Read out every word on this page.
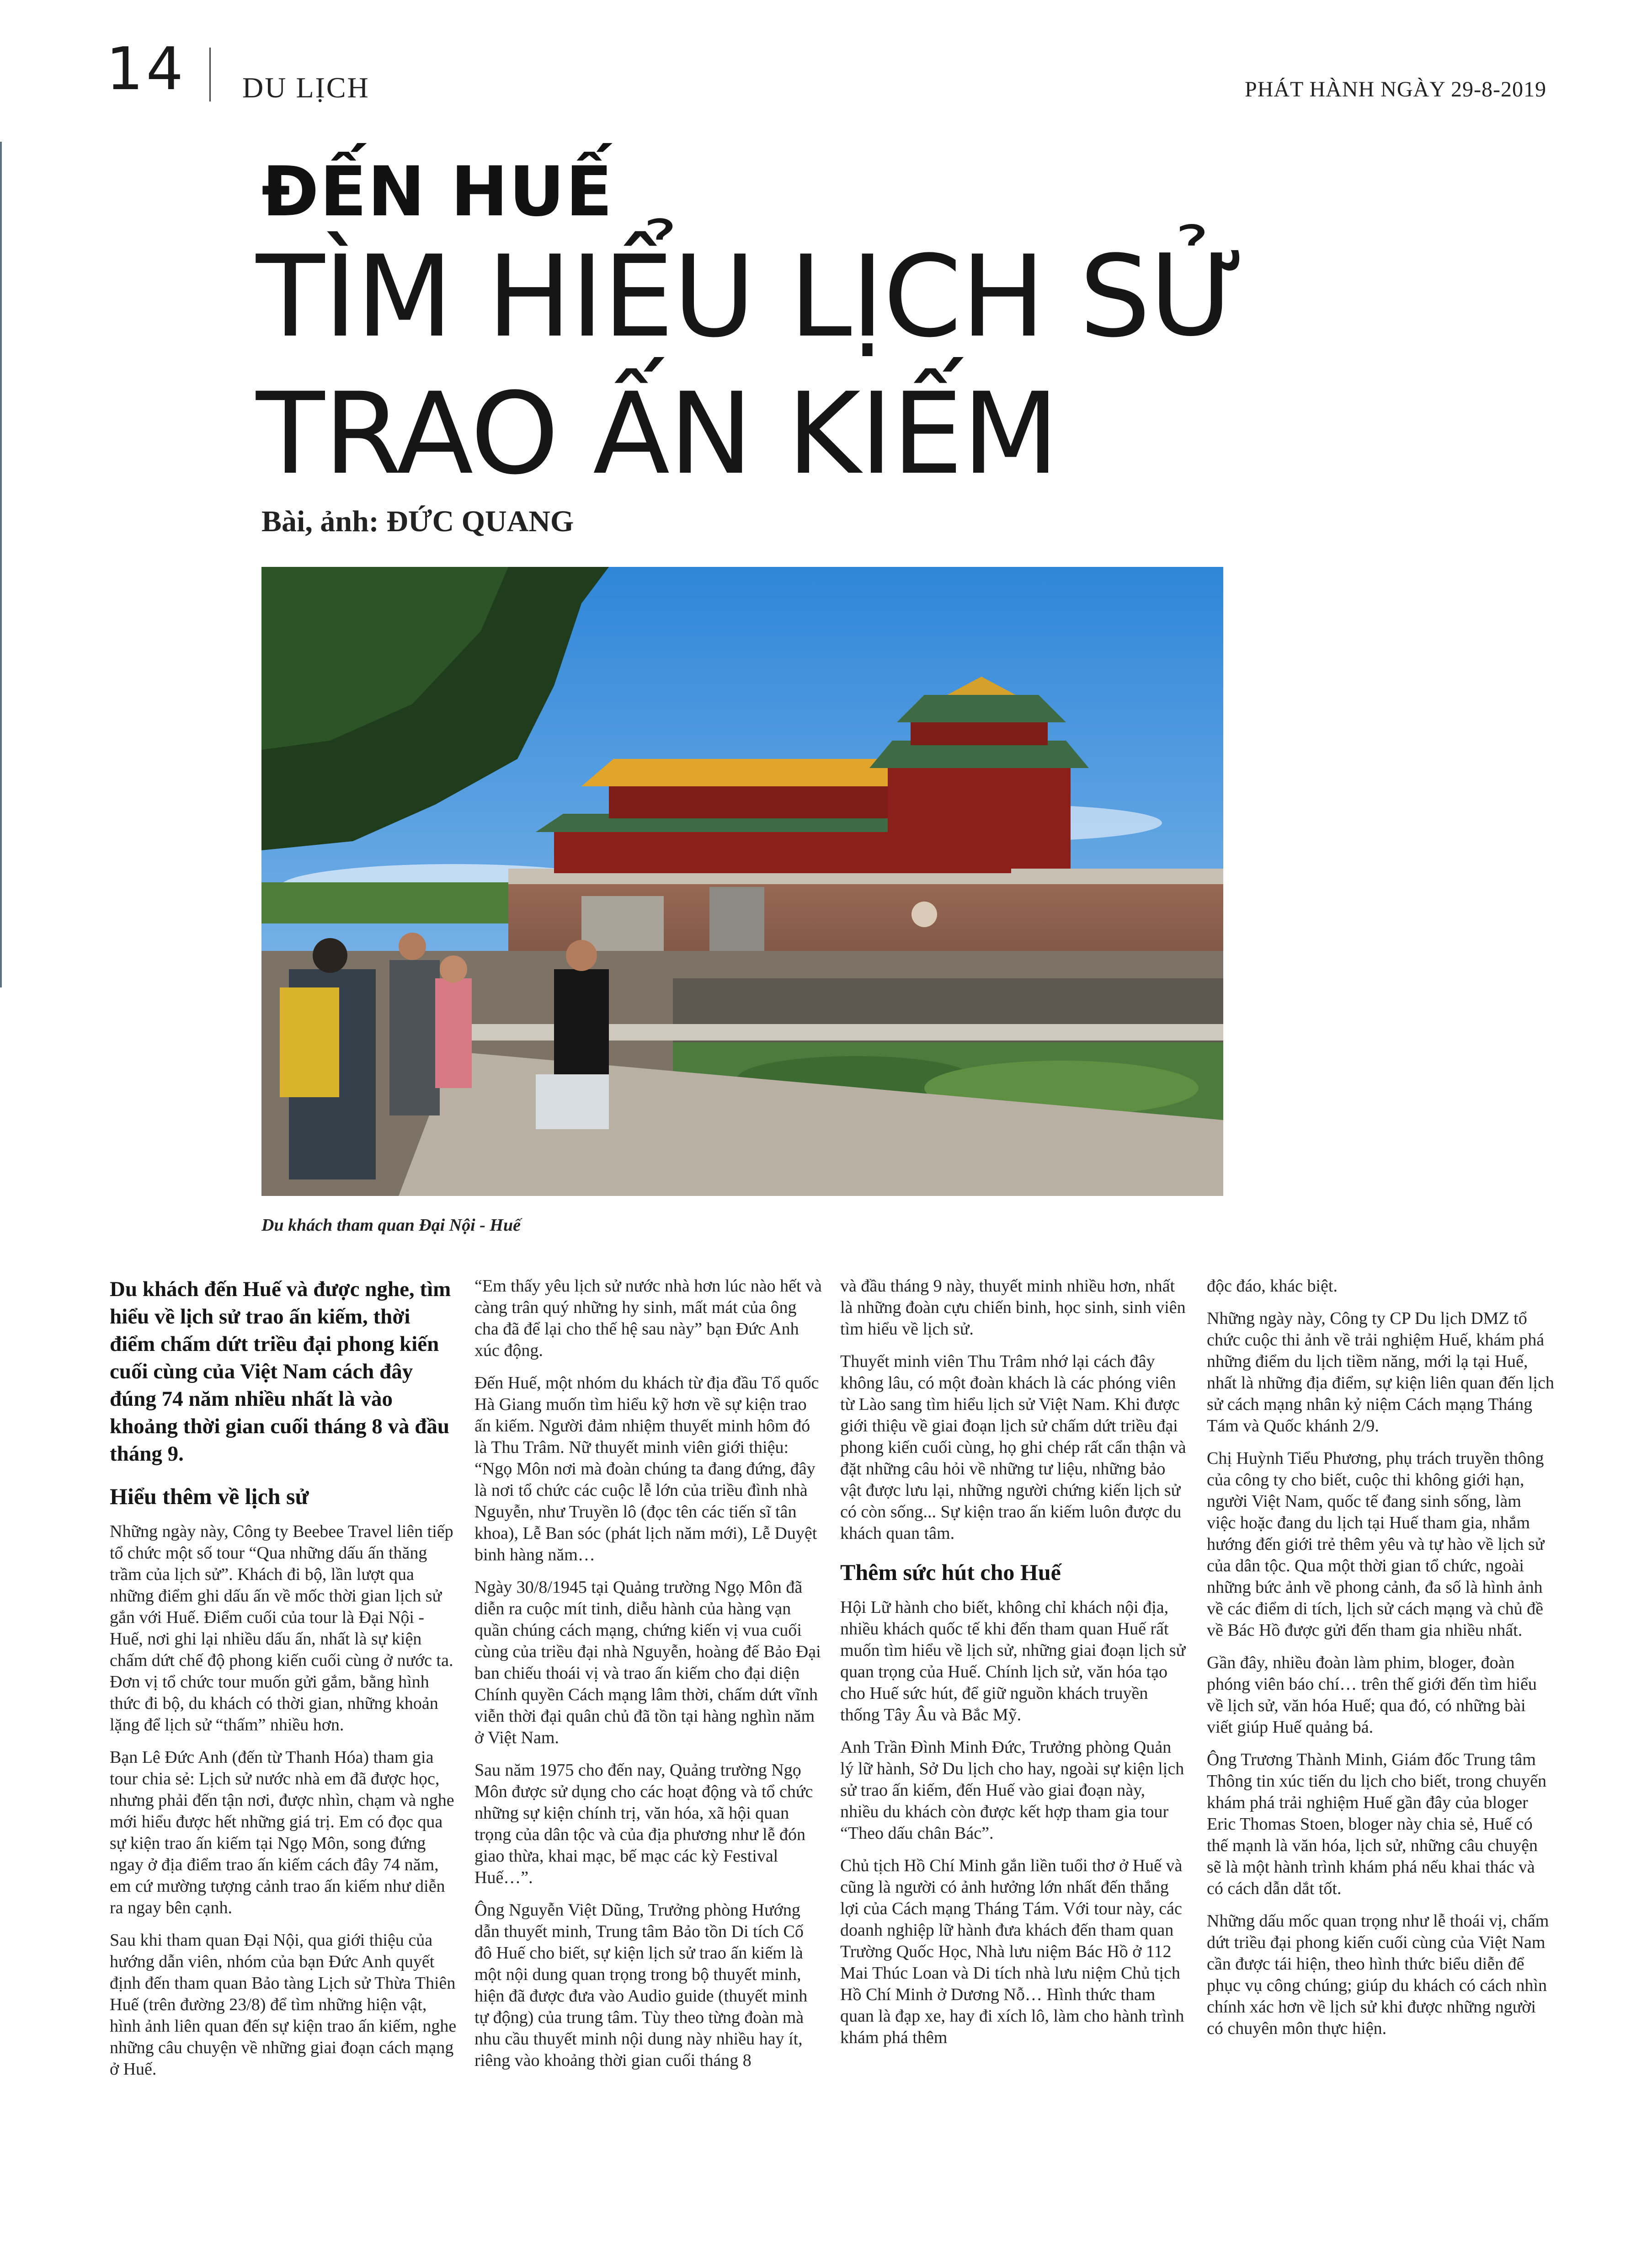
14 DU LỊCH	PHÁT HÀNH NGÀY 29-8-2019
ĐẾN HUẾ
TÌM HIỂU LỊCH SỬ
TRAO ẤN KIẾM
Bài, ảnh: ĐỨC QUANG
Du khách tham quan Đại Nội - Huế

Du khách đến Huế và được nghe, tìm hiểu về lịch sử trao ấn kiếm, thời điểm chấm dứt triều đại phong kiến cuối cùng của Việt Nam cách đây đúng 74 năm nhiều nhất là vào khoảng thời gian cuối tháng 8 và đầu tháng 9.

Hiểu thêm về lịch sử

Những ngày này, Công ty Beebee Travel liên tiếp tổ chức một số tour “Qua những dấu ấn thăng trầm của lịch sử”. Khách đi bộ, lần lượt qua những điểm ghi dấu ấn về mốc thời gian lịch sử gắn với Huế. Điểm cuối của tour là Đại Nội - Huế, nơi ghi lại nhiều dấu ấn, nhất là sự kiện chấm dứt chế độ phong kiến cuối cùng ở nước ta. Đơn vị tổ chức tour muốn gửi gắm, bằng hình thức đi bộ, du khách có thời gian, những khoản lặng để lịch sử “thấm” nhiều hơn.

Bạn Lê Đức Anh (đến từ Thanh Hóa) tham gia tour chia sẻ: Lịch sử nước nhà em đã được học, nhưng phải đến tận nơi, được nhìn, chạm và nghe mới hiểu được hết những giá trị. Em có đọc qua sự kiện trao ấn kiếm tại Ngọ Môn, song đứng ngay ở địa điểm trao ấn kiếm cách đây 74 năm, em cứ mường tượng cảnh trao ấn kiếm như diễn ra ngay bên cạnh.

Sau khi tham quan Đại Nội, qua giới thiệu của hướng dẫn viên, nhóm của bạn Đức Anh quyết định đến tham quan Bảo tàng Lịch sử Thừa Thiên Huế (trên đường 23/8) để tìm những hiện vật, hình ảnh liên quan đến sự kiện trao ấn kiếm, nghe những câu chuyện về những giai đoạn cách mạng ở Huế.

“Em thấy yêu lịch sử nước nhà hơn lúc nào hết và càng trân quý những hy sinh, mất mát của ông cha đã để lại cho thế hệ sau này” bạn Đức Anh xúc động.

Đến Huế, một nhóm du khách từ địa đầu Tổ quốc Hà Giang muốn tìm hiểu kỹ hơn về sự kiện trao ấn kiếm. Người đảm nhiệm thuyết minh hôm đó là Thu Trâm. Nữ thuyết minh viên giới thiệu: “Ngọ Môn nơi mà đoàn chúng ta đang đứng, đây là nơi tổ chức các cuộc lễ lớn của triều đình nhà Nguyễn, như Truyền lô (đọc tên các tiến sĩ tân khoa), Lễ Ban sóc (phát lịch năm mới), Lễ Duyệt binh hàng năm…

Ngày 30/8/1945 tại Quảng trường Ngọ Môn đã diễn ra cuộc mít tinh, diễu hành của hàng vạn quần chúng cách mạng, chứng kiến vị vua cuối cùng của triều đại nhà Nguyễn, hoàng đế Bảo Đại ban chiếu thoái vị và trao ấn kiếm cho đại diện Chính quyền Cách mạng lâm thời, chấm dứt vĩnh viễn thời đại quân chủ đã tồn tại hàng nghìn năm ở Việt Nam.

Sau năm 1975 cho đến nay, Quảng trường Ngọ Môn được sử dụng cho các hoạt động và tổ chức những sự kiện chính trị, văn hóa, xã hội quan trọng của dân tộc và của địa phương như lễ đón giao thừa, khai mạc, bế mạc các kỳ Festival Huế…”.

Ông Nguyễn Việt Dũng, Trưởng phòng Hướng dẫn thuyết minh, Trung tâm Bảo tồn Di tích Cố đô Huế cho biết, sự kiện lịch sử trao ấn kiếm là một nội dung quan trọng trong bộ thuyết minh, hiện đã được đưa vào Audio guide (thuyết minh tự động) của trung tâm. Tùy theo từng đoàn mà nhu cầu thuyết minh nội dung này nhiều hay ít, riêng vào khoảng thời gian cuối tháng 8

và đầu tháng 9 này, thuyết minh nhiều hơn, nhất là những đoàn cựu chiến binh, học sinh, sinh viên tìm hiểu về lịch sử.

Thuyết minh viên Thu Trâm nhớ lại cách đây không lâu, có một đoàn khách là các phóng viên từ Lào sang tìm hiểu lịch sử Việt Nam. Khi được giới thiệu về giai đoạn lịch sử chấm dứt triều đại phong kiến cuối cùng, họ ghi chép rất cẩn thận và đặt những câu hỏi về những tư liệu, những bảo vật được lưu lại, những người chứng kiến lịch sử có còn sống... Sự kiện trao ấn kiếm luôn được du khách quan tâm.

Thêm sức hút cho Huế

Hội Lữ hành cho biết, không chỉ khách nội địa, nhiều khách quốc tế khi đến tham quan Huế rất muốn tìm hiểu về lịch sử, những giai đoạn lịch sử quan trọng của Huế. Chính lịch sử, văn hóa tạo cho Huế sức hút, để giữ nguồn khách truyền thống Tây Âu và Bắc Mỹ.

Anh Trần Đình Minh Đức, Trưởng phòng Quản lý lữ hành, Sở Du lịch cho hay, ngoài sự kiện lịch sử trao ấn kiếm, đến Huế vào giai đoạn này, nhiều du khách còn được kết hợp tham gia tour “Theo dấu chân Bác”.

Chủ tịch Hồ Chí Minh gắn liền tuổi thơ ở Huế và cũng là người có ảnh hưởng lớn nhất đến thắng lợi của Cách mạng Tháng Tám. Với tour này, các doanh nghiệp lữ hành đưa khách đến tham quan Trường Quốc Học, Nhà lưu niệm Bác Hồ ở 112 Mai Thúc Loan và Di tích nhà lưu niệm Chủ tịch Hồ Chí Minh ở Dương Nỗ… Hình thức tham quan là đạp xe, hay đi xích lô, làm cho hành trình khám phá thêm

độc đáo, khác biệt.

Những ngày này, Công ty CP Du lịch DMZ tổ chức cuộc thi ảnh về trải nghiệm Huế, khám phá những điểm du lịch tiềm năng, mới lạ tại Huế, nhất là những địa điểm, sự kiện liên quan đến lịch sử cách mạng nhân kỷ niệm Cách mạng Tháng Tám và Quốc khánh 2/9.

Chị Huỳnh Tiểu Phương, phụ trách truyền thông của công ty cho biết, cuộc thi không giới hạn, người Việt Nam, quốc tế đang sinh sống, làm việc hoặc đang du lịch tại Huế tham gia, nhắm hướng đến giới trẻ thêm yêu và tự hào về lịch sử của dân tộc. Qua một thời gian tổ chức, ngoài những bức ảnh về phong cảnh, đa số là hình ảnh về các điểm di tích, lịch sử cách mạng và chủ đề về Bác Hồ được gửi đến tham gia nhiều nhất.

Gần đây, nhiều đoàn làm phim, bloger, đoàn phóng viên báo chí… trên thế giới đến tìm hiểu về lịch sử, văn hóa Huế; qua đó, có những bài viết giúp Huế quảng bá.

Ông Trương Thành Minh, Giám đốc Trung tâm Thông tin xúc tiến du lịch cho biết, trong chuyến khám phá trải nghiệm Huế gần đây của bloger Eric Thomas Stoen, bloger này chia sẻ, Huế có thế mạnh là văn hóa, lịch sử, những câu chuyện sẽ là một hành trình khám phá nếu khai thác và có cách dẫn dắt tốt.

Những dấu mốc quan trọng như lễ thoái vị, chấm dứt triều đại phong kiến cuối cùng của Việt Nam cần được tái hiện, theo hình thức biểu diễn để phục vụ công chúng; giúp du khách có cách nhìn chính xác hơn về lịch sử khi được những người có chuyên môn thực hiện.
